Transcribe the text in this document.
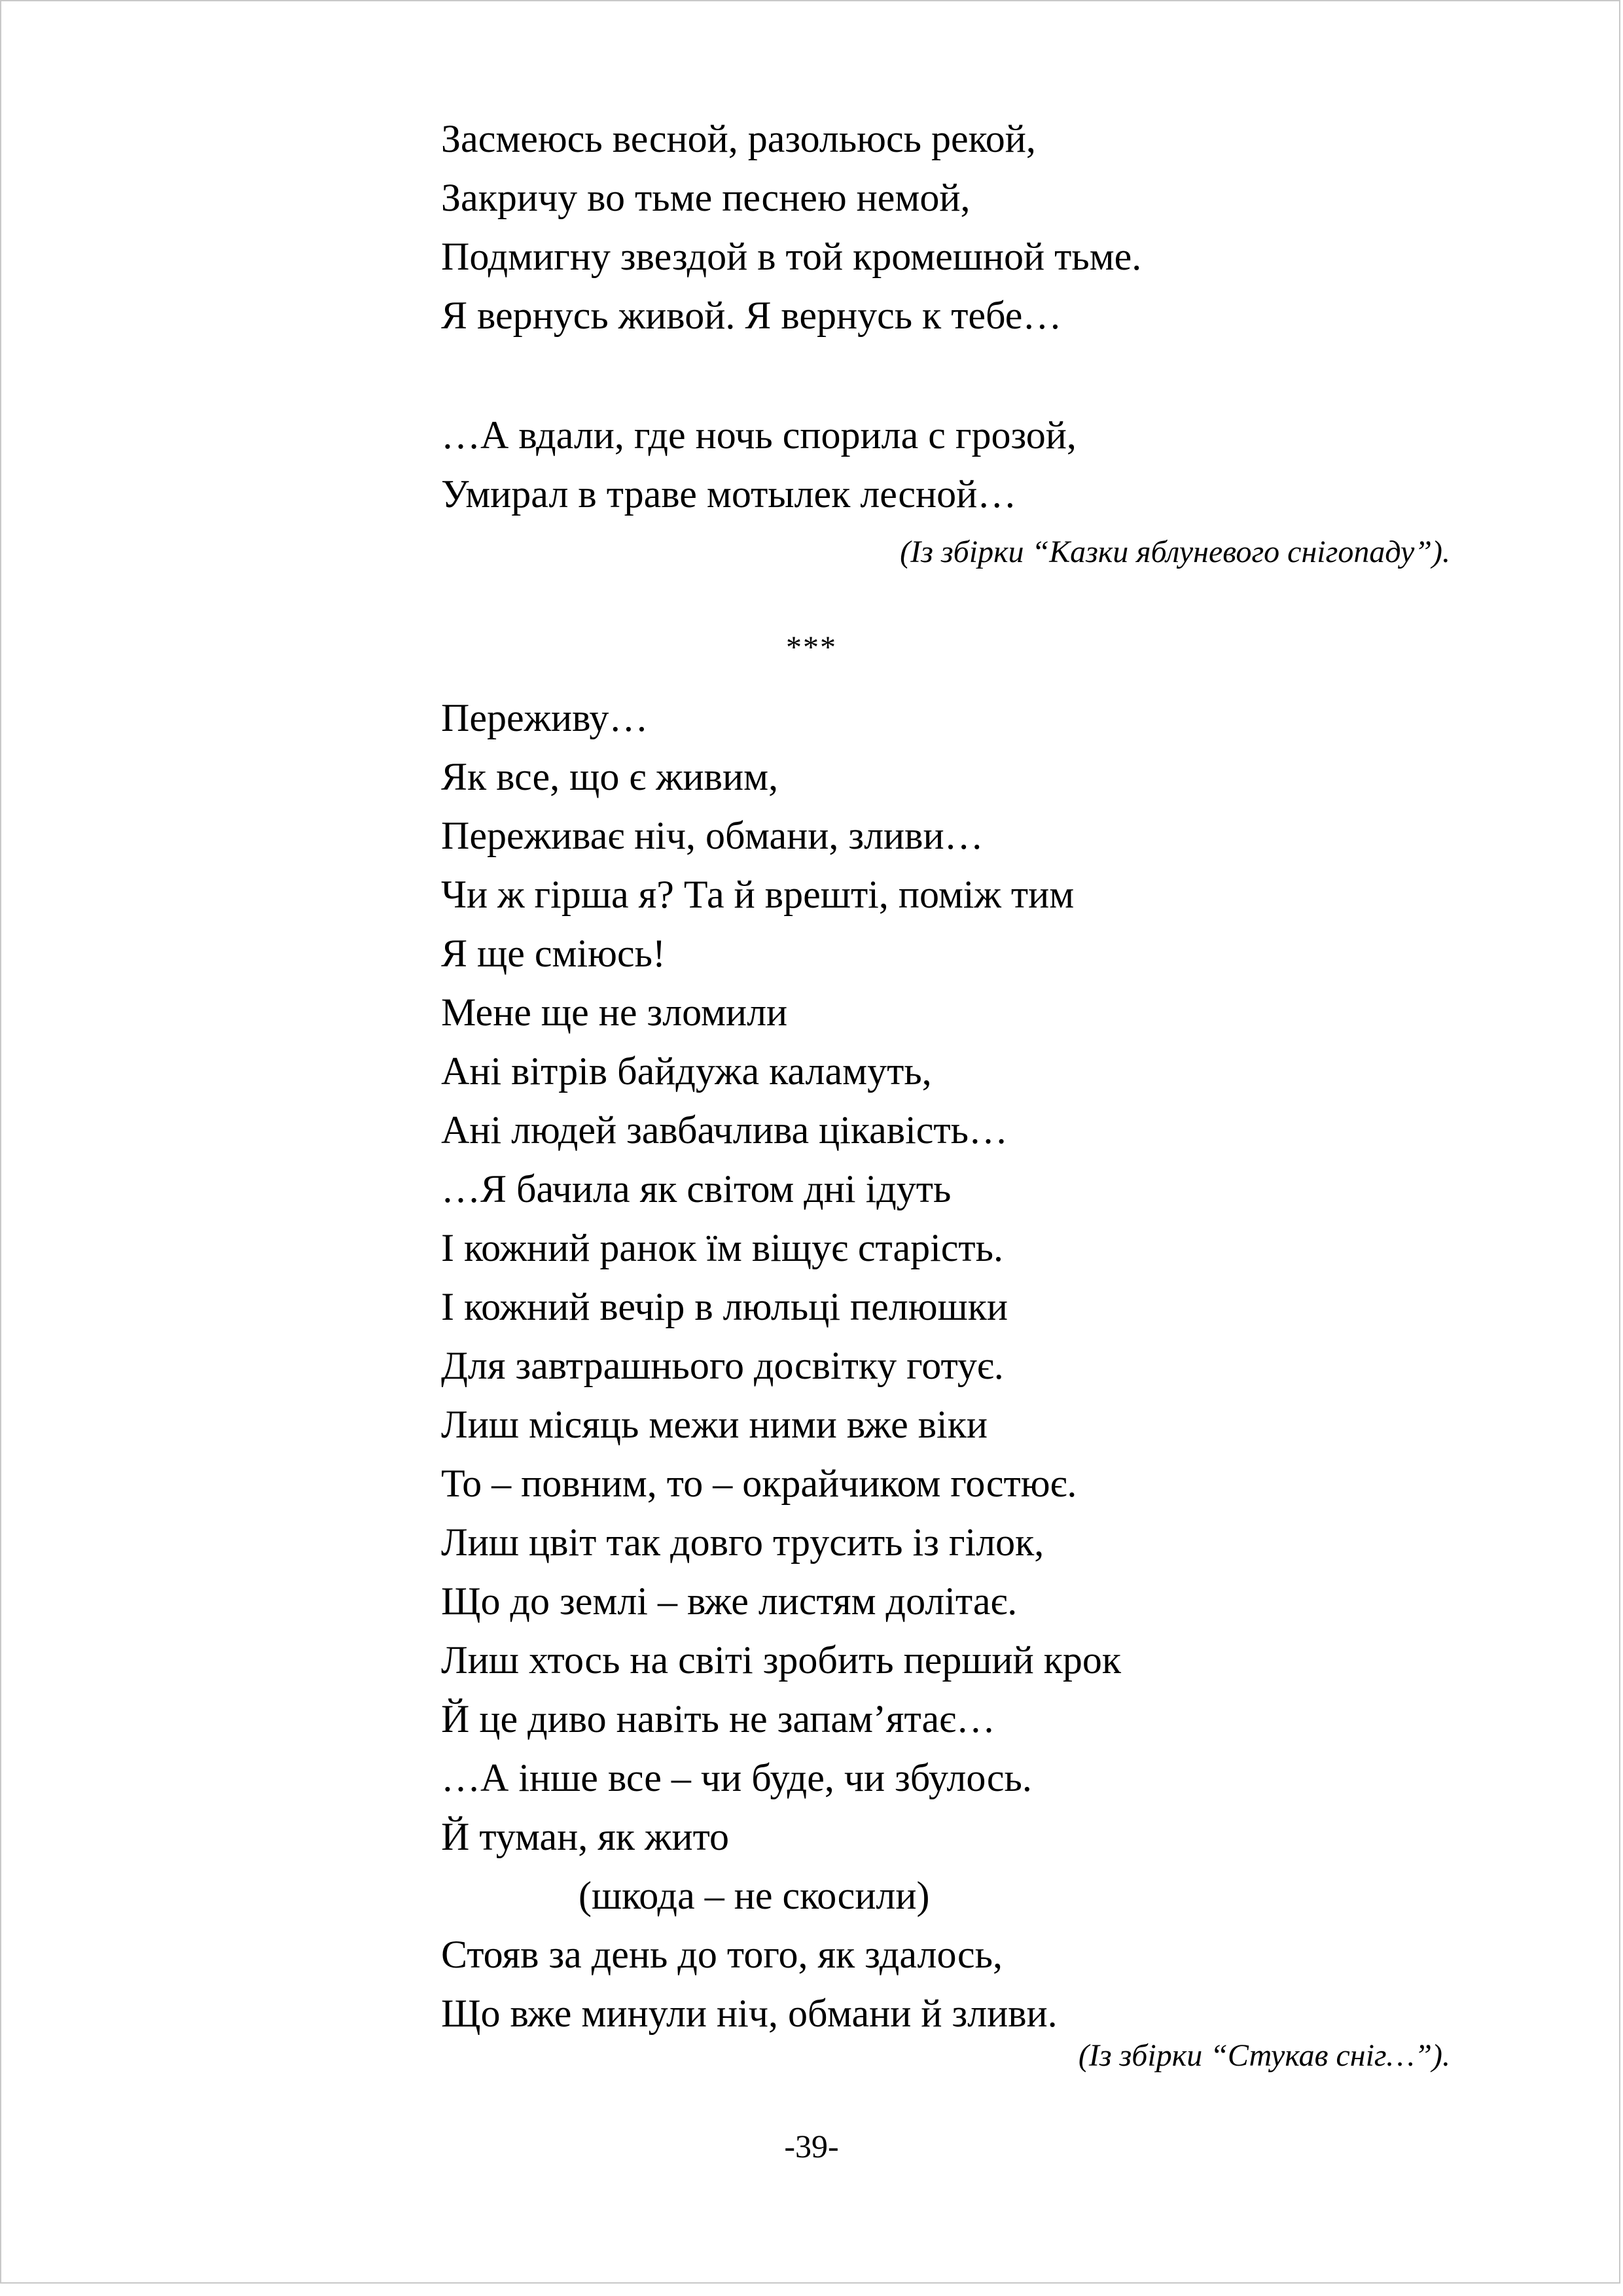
Засмеюсь весной, разольюсь рекой,
Закричу во тьме песнею немой,
Подмигну звездой в той кромешной тьме.
Я вернусь живой. Я вернусь к тебе…
…А вдали, где ночь спорила с грозой,
Умирал в траве мотылек лесной…
(Із збірки “Казки яблуневого снігопаду”).
***
Переживу…
Як все, що є живим,
Переживає ніч, обмани, зливи…
Чи ж гірша я? Та й врешті, поміж тим
Я ще сміюсь!
Мене ще не зломили
Ані вітрів байдужа каламуть,
Ані людей завбачлива цікавість…
…Я бачила як світом дні ідуть
І кожний ранок їм віщує старість.
І кожний вечір в люльці пелюшки
Для завтрашнього досвітку готує.
Лиш місяць межи ними вже віки
То – повним, то – окрайчиком гостює.
Лиш цвіт так довго трусить із гілок,
Що до землі – вже листям долітає.
Лиш хтось на світі зробить перший крок
Й це диво навіть не запам’ятає…
…А інше все – чи буде, чи збулось.
Й туман, як жито
(шкода – не скосили)
Стояв за день до того, як здалось,
Що вже минули ніч, обмани й зливи.
(Із збірки “Стукав сніг…”).
-39-
